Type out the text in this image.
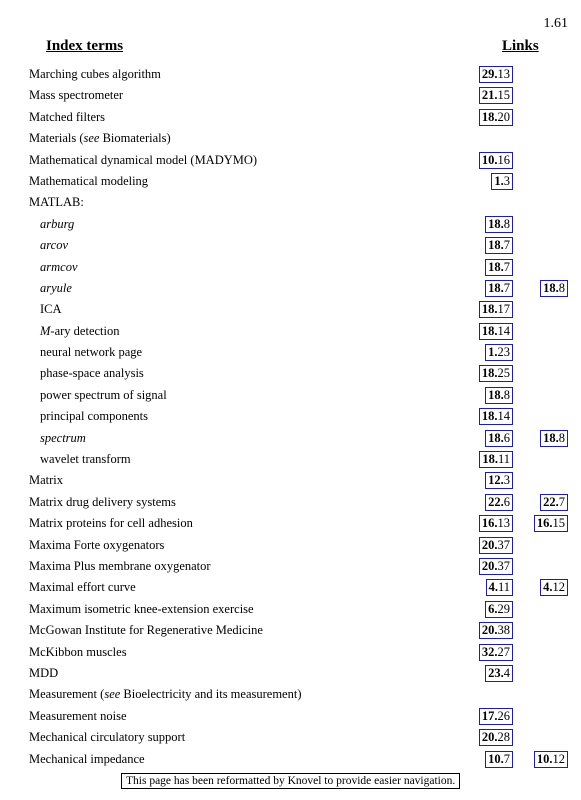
1.61
Index terms	Links
Marching cubes algorithm	29.13
Mass spectrometer	21.15
Matched filters	18.20
Materials (see Biomaterials)
Mathematical dynamical model (MADYMO)	10.16
Mathematical modeling	1.3
MATLAB:
arburg	18.8
arcov	18.7
armcov	18.7
aryule	18.7	18.8
ICA	18.17
M-ary detection	18.14
neural network page	1.23
phase-space analysis	18.25
power spectrum of signal	18.8
principal components	18.14
spectrum	18.6	18.8
wavelet transform	18.11
Matrix	12.3
Matrix drug delivery systems	22.6	22.7
Matrix proteins for cell adhesion	16.13 16.15
Maxima Forte oxygenators	20.37
Maxima Plus membrane oxygenator	20.37
Maximal effort curve	4.11	4.12
Maximum isometric knee-extension exercise	6.29
McGowan Institute for Regenerative Medicine	20.38
McKibbon muscles	32.27
MDD	23.4
Measurement (see Bioelectricity and its measurement)
Measurement noise	17.26
Mechanical circulatory support	20.28
Mechanical impedance	10.7 10.12
This page has been reformatted by Knovel to provide easier navigation.
